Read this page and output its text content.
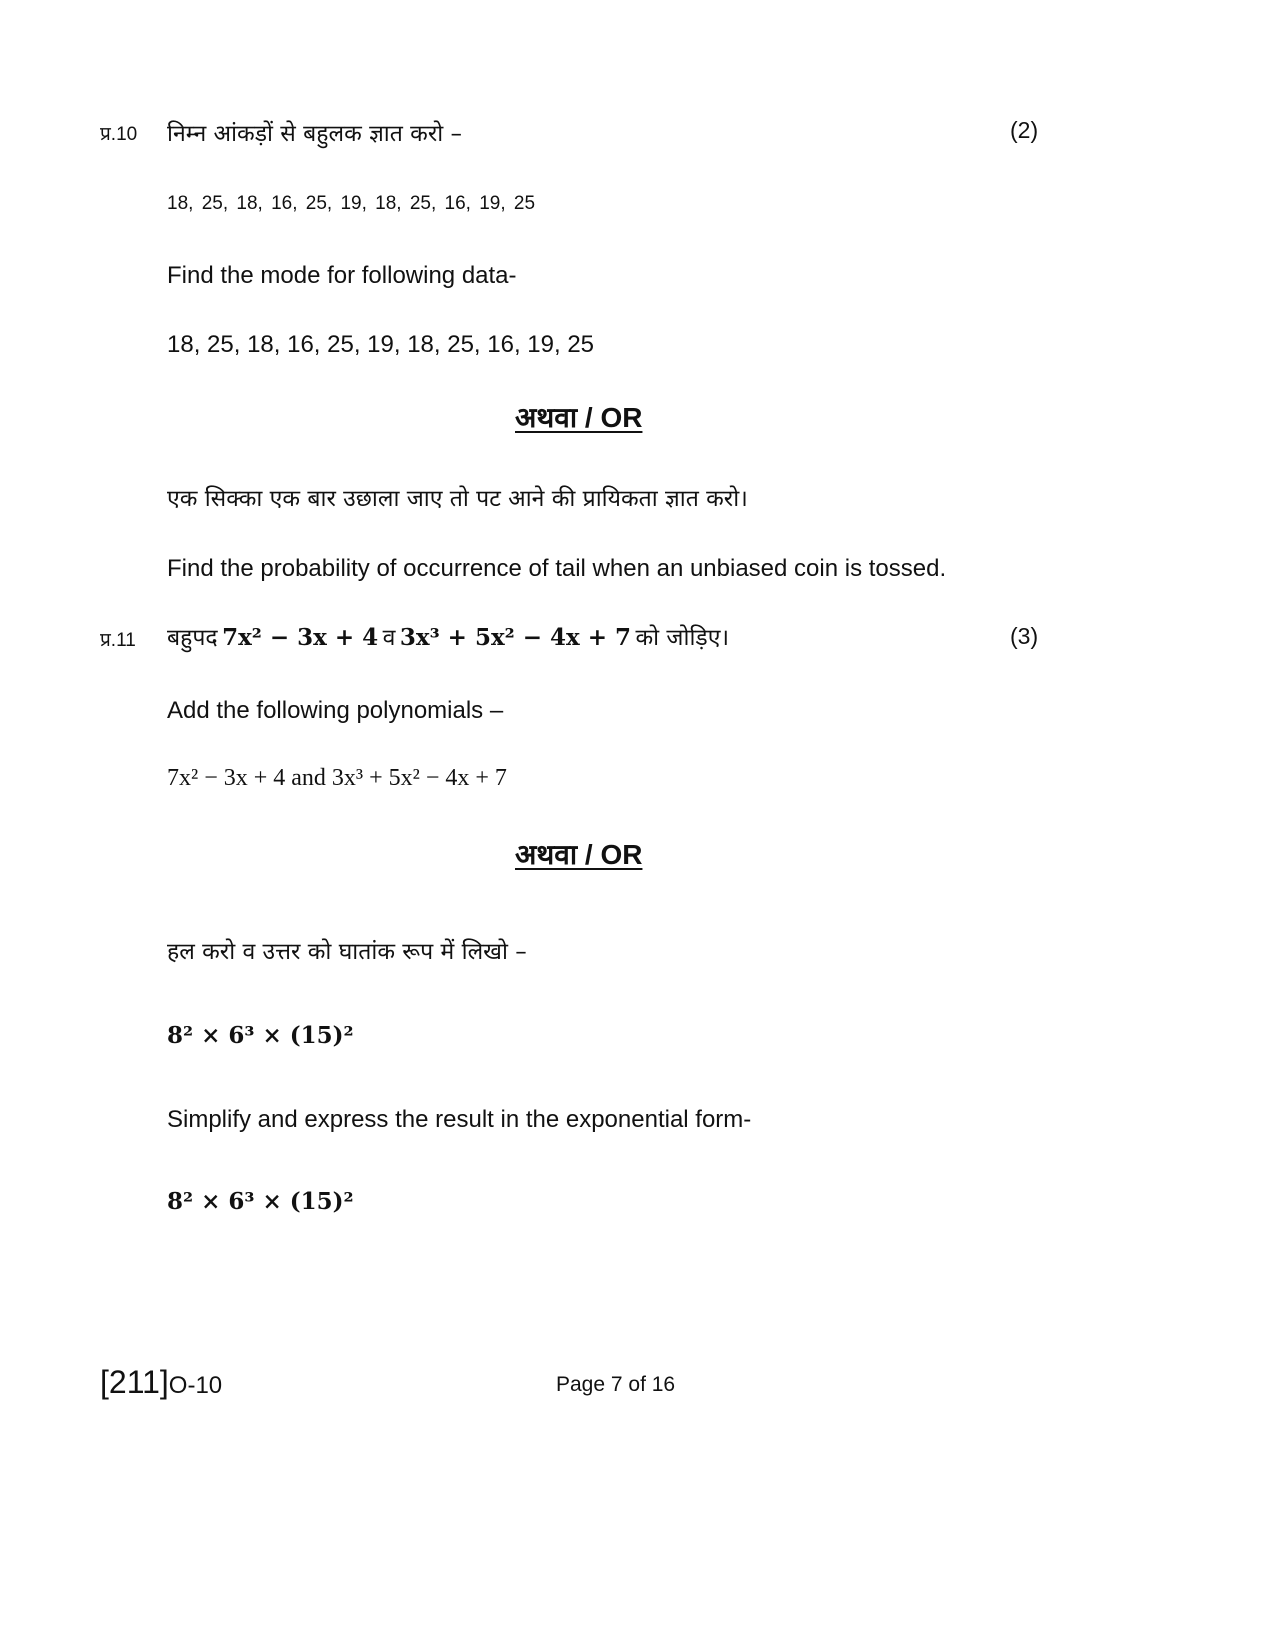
प्र.10 निम्न आंकड़ों से बहुलक ज्ञात करो –	(2)
18, 25, 18, 16, 25, 19, 18, 25, 16, 19, 25
Find the mode for following data-
18, 25, 18, 16, 25, 19, 18, 25, 16, 19, 25
अथवा / OR
एक सिक्का एक बार उछाला जाए तो पट आने की प्रायिकता ज्ञात करो।
Find the probability of occurrence of tail when an unbiased coin is tossed.
प्र.11 बहुपद 7x² − 3x + 4 व 3x³ + 5x² − 4x + 7 को जोड़िए।	(3)
Add the following polynomials –
7x² − 3x + 4 and 3x³ + 5x² − 4x + 7
अथवा / OR
हल करो व उत्तर को घातांक रूप में लिखो –
8² × 6³ × (15)²
Simplify and express the result in the exponential form-
8² × 6³ × (15)²
[211]O-10	Page 7 of 16
